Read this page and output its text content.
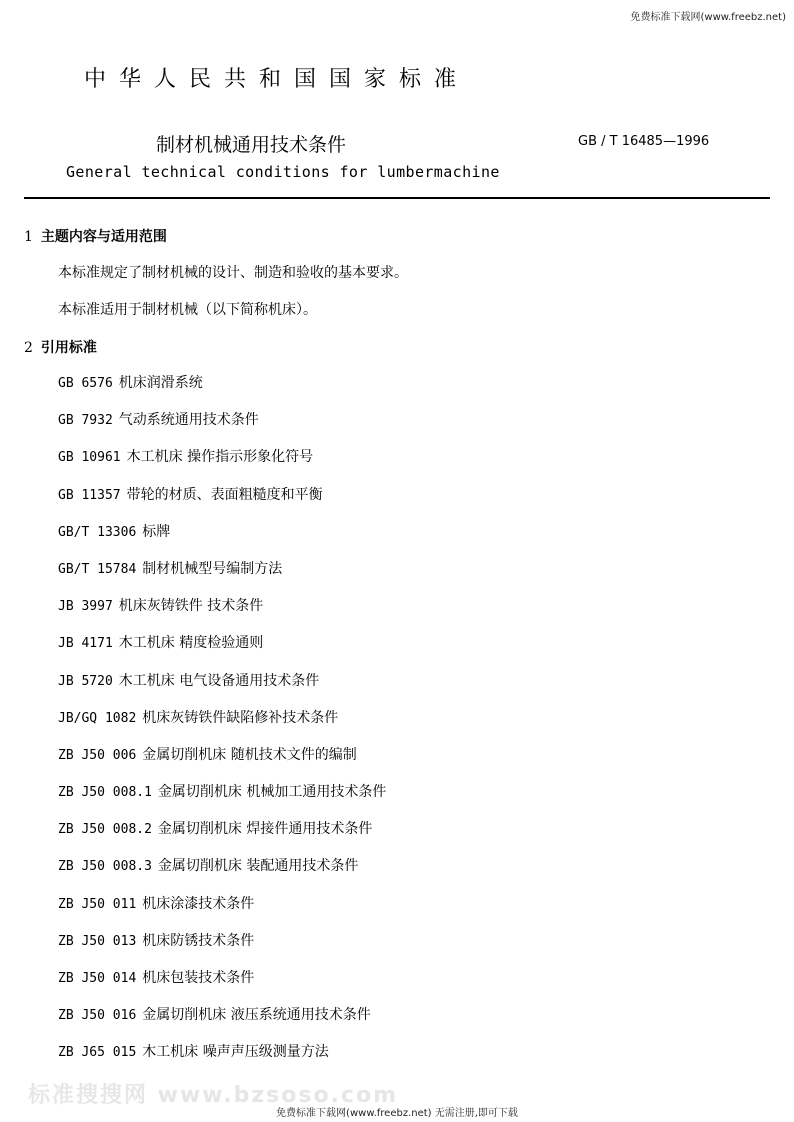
免费标准下载网(www.freebz.net)
中华人民共和国国家标准
制材机械通用技术条件	GB / T 16485—1996
General technical conditions for lumbermachine
1 主题内容与适用范围
本标准规定了制材机械的设计、制造和验收的基本要求。
本标准适用于制材机械（以下简称机床）。
2 引用标准
GB 6576 机床润滑系统
GB 7932 气动系统通用技术条件
GB 10961 木工机床 操作指示形象化符号
GB 11357 带轮的材质、表面粗糙度和平衡
GB/T 13306 标牌
GB/T 15784 制材机械型号编制方法
JB 3997 机床灰铸铁件 技术条件
JB 4171 木工机床 精度检验通则
JB 5720 木工机床 电气设备通用技术条件
JB/GQ 1082 机床灰铸铁件缺陷修补技术条件
ZB J50 006 金属切削机床 随机技术文件的编制
ZB J50 008.1 金属切削机床 机械加工通用技术条件
ZB J50 008.2 金属切削机床 焊接件通用技术条件
ZB J50 008.3 金属切削机床 装配通用技术条件
ZB J50 011 机床涂漆技术条件
ZB J50 013 机床防锈技术条件
ZB J50 014 机床包装技术条件
ZB J50 016 金属切削机床 液压系统通用技术条件
ZB J65 015 木工机床 噪声声压级测量方法
标准搜搜网 www.bzsoso.com
免费标准下载网(www.freebz.net) 无需注册,即可下载
